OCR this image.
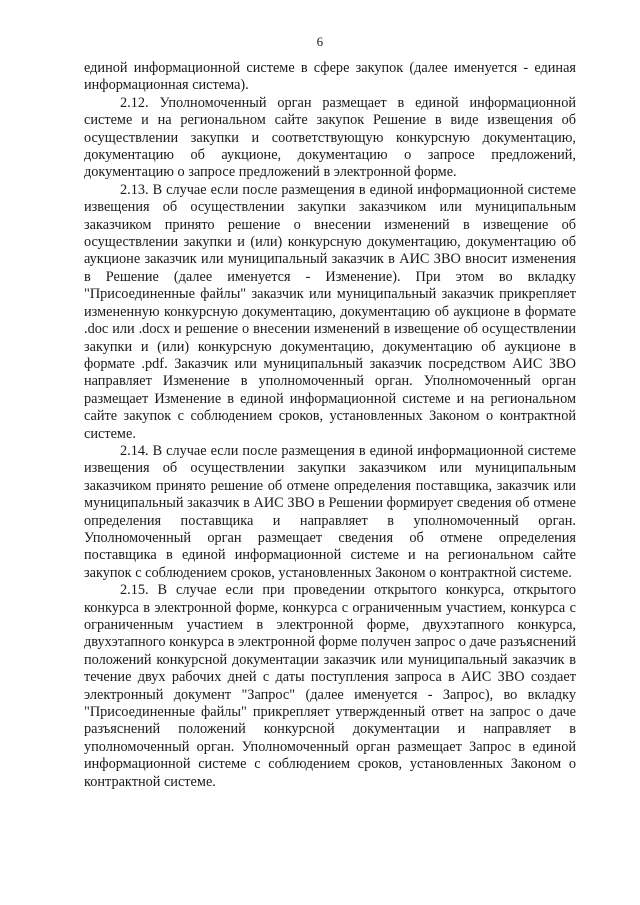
6

единой информационной системе в сфере закупок (далее именуется - единая информационная система).

2.12. Уполномоченный орган размещает в единой информационной системе и на региональном сайте закупок Решение в виде извещения об осуществлении закупки и соответствующую конкурсную документацию, документацию об аукционе, документацию о запросе предложений, документацию о запросе предложений в электронной форме.

2.13. В случае если после размещения в единой информационной системе извещения об осуществлении закупки заказчиком или муниципальным заказчиком принято решение о внесении изменений в извещение об осуществлении закупки и (или) конкурсную документацию, документацию об аукционе заказчик или муниципальный заказчик в АИС ЗВО вносит изменения в Решение (далее именуется - Изменение). При этом во вкладку "Присоединенные файлы" заказчик или муниципальный заказчик прикрепляет измененную конкурсную документацию, документацию об аукционе в формате .doc или .docx и решение о внесении изменений в извещение об осуществлении закупки и (или) конкурсную документацию, документацию об аукционе в формате .pdf. Заказчик или муниципальный заказчик посредством АИС ЗВО направляет Изменение в уполномоченный орган. Уполномоченный орган размещает Изменение в единой информационной системе и на региональном сайте закупок с соблюдением сроков, установленных Законом о контрактной системе.

2.14. В случае если после размещения в единой информационной системе извещения об осуществлении закупки заказчиком или муниципальным заказчиком принято решение об отмене определения поставщика, заказчик или муниципальный заказчик в АИС ЗВО в Решении формирует сведения об отмене определения поставщика и направляет в уполномоченный орган. Уполномоченный орган размещает сведения об отмене определения поставщика в единой информационной системе и на региональном сайте закупок с соблюдением сроков, установленных Законом о контрактной системе.

2.15. В случае если при проведении открытого конкурса, открытого конкурса в электронной форме, конкурса с ограниченным участием, конкурса с ограниченным участием в электронной форме, двухэтапного конкурса, двухэтапного конкурса в электронной форме получен запрос о даче разъяснений положений конкурсной документации заказчик или муниципальный заказчик в течение двух рабочих дней с даты поступления запроса в АИС ЗВО создает электронный документ "Запрос" (далее именуется - Запрос), во вкладку "Присоединенные файлы" прикрепляет утвержденный ответ на запрос о даче разъяснений положений конкурсной документации и направляет в уполномоченный орган. Уполномоченный орган размещает Запрос в единой информационной системе с соблюдением сроков, установленных Законом о контрактной системе.
